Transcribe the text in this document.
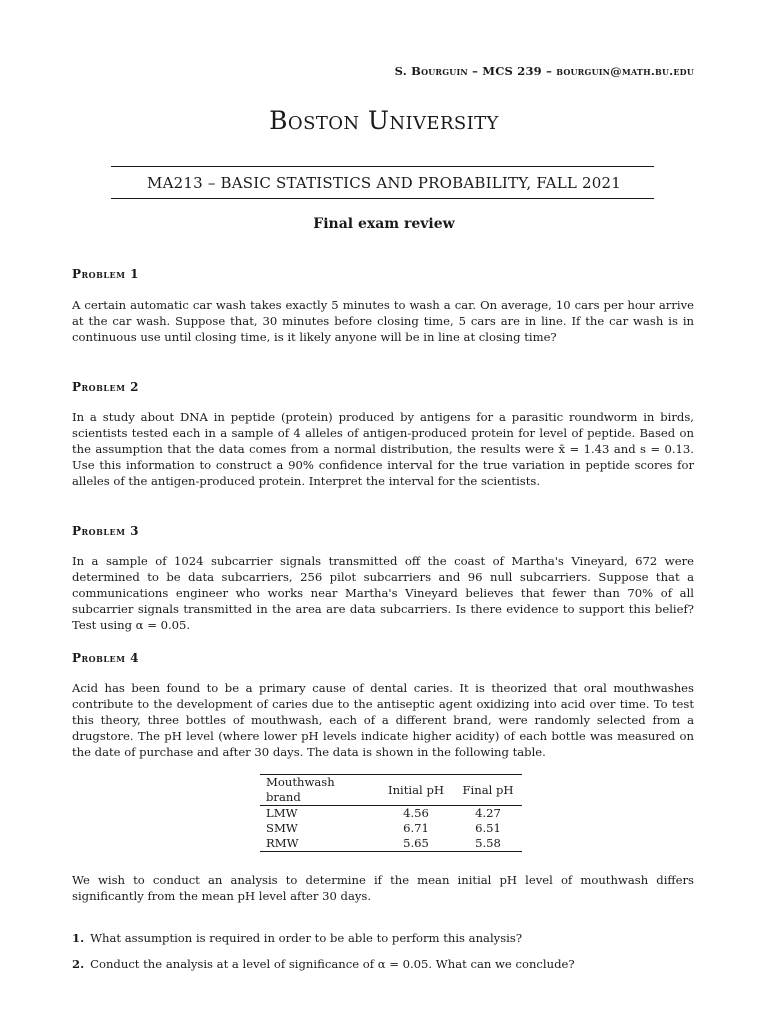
S. Bourguin – MCS 239 – bourguin@math.bu.edu
Boston University
MA213 – BASIC STATISTICS AND PROBABILITY, FALL 2021
Final exam review
Problem 1

A certain automatic car wash takes exactly 5 minutes to wash a car. On average, 10 cars per hour arrive at the car wash. Suppose that, 30 minutes before closing time, 5 cars are in line. If the car wash is in continuous use until closing time, is it likely anyone will be in line at closing time?

Problem 2

In a study about DNA in peptide (protein) produced by antigens for a parasitic roundworm in birds, scientists tested each in a sample of 4 alleles of antigen-produced protein for level of peptide. Based on the assumption that the data comes from a normal distribution, the results were x̄ = 1.43 and s = 0.13. Use this information to construct a 90% confidence interval for the true variation in peptide scores for alleles of the antigen-produced protein. Interpret the interval for the scientists.

Problem 3

In a sample of 1024 subcarrier signals transmitted off the coast of Martha's Vineyard, 672 were determined to be data subcarriers, 256 pilot subcarriers and 96 null subcarriers. Suppose that a communications engineer who works near Martha's Vineyard believes that fewer than 70% of all subcarrier signals transmitted in the area are data subcarriers. Is there evidence to support this belief? Test using α = 0.05.

Problem 4

Acid has been found to be a primary cause of dental caries. It is theorized that oral mouthwashes contribute to the development of caries due to the antiseptic agent oxidizing into acid over time. To test this theory, three bottles of mouthwash, each of a different brand, were randomly selected from a drugstore. The pH level (where lower pH levels indicate higher acidity) of each bottle was measured on the date of purchase and after 30 days. The data is shown in the following table.

Mouthwash brand	Initial pH	Final pH
LMW	4.56	4.27
SMW	6.71	6.51
RMW	5.65	5.58

We wish to conduct an analysis to determine if the mean initial pH level of mouthwash differs significantly from the mean pH level after 30 days.

1. What assumption is required in order to be able to perform this analysis?
2. Conduct the analysis at a level of significance of α = 0.05. What can we conclude?
